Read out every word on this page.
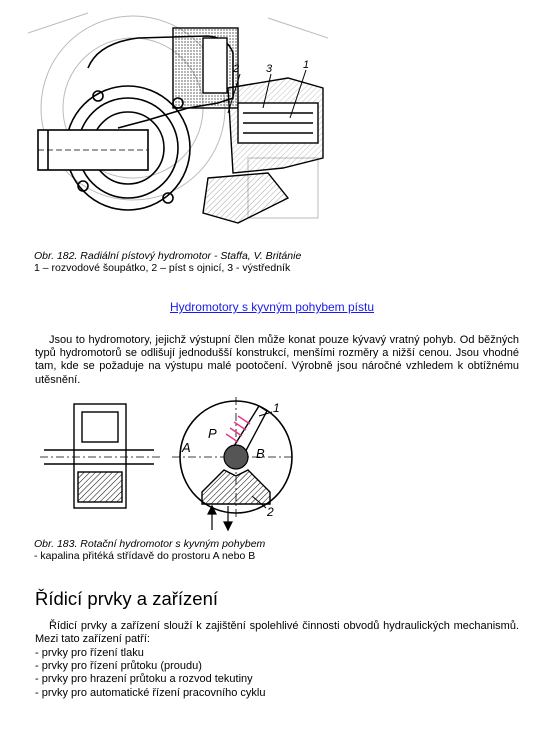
2 3	1
Obr. 182. Radiální pístový hydromotor - Staffa, V. Británie
1 – rozvodové šoupátko, 2 – píst s ojnicí, 3 - výstředník
Hydromotory s kyvným pohybem pístu

Jsou to hydromotory, jejichž výstupní člen může konat pouze kývavý vratný pohyb. Od běžných typů hydromotorů se odlišují jednodušší konstrukcí, menšími rozměry a nižší cenou. Jsou vhodné tam, kde se požaduje na výstupu malé pootočení. Výrobně jsou náročné vzhledem k obtížnému utěsnění.

P
A	B
1
2
Obr. 183. Rotační hydromotor s kyvným pohybem
- kapalina přitéká střídavě do prostoru A nebo B
Řídicí prvky a zařízení

Řídicí prvky a zařízení slouží k zajištění spolehlivé činnosti obvodů hydraulických mechanismů. Mezi tato zařízení patří:

- prvky pro řízení tlaku
- prvky pro řízení průtoku (proudu)
- prvky pro hrazení průtoku a rozvod tekutiny
- prvky pro automatické řízení pracovního cyklu
